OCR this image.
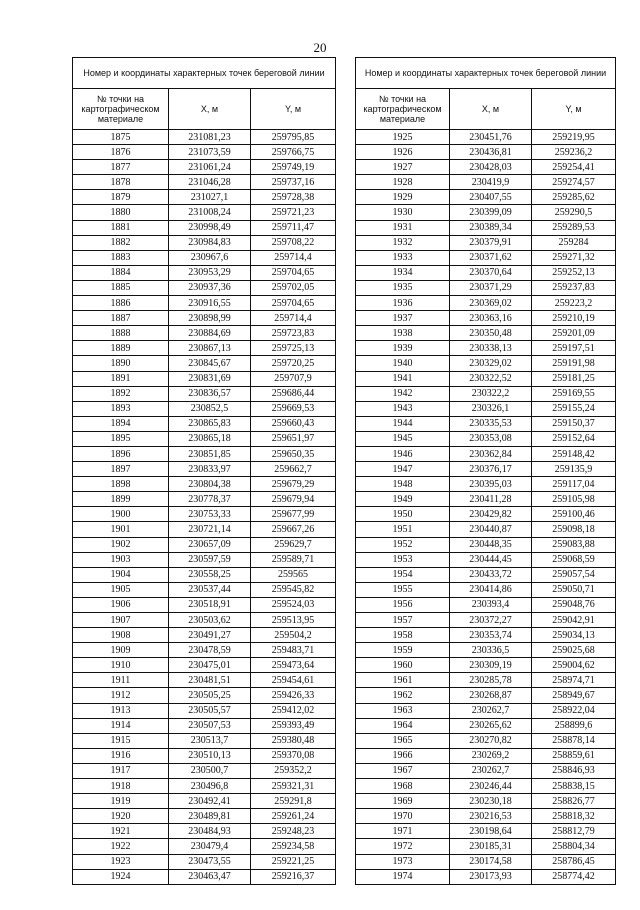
20
Номер и координаты характерных точек береговой линии		
№ точки на картографическом материале	X, м	Y, м
1875	231081,23	259795,85
1876	231073,59	259766,75
1877	231061,24	259749,19
1878	231046,28	259737,16
1879	231027,1	259728,38
1880	231008,24	259721,23
1881	230998,49	259711,47
1882	230984,83	259708,22
1883	230967,6	259714,4
1884	230953,29	259704,65
1885	230937,36	259702,05
1886	230916,55	259704,65
1887	230898,99	259714,4
1888	230884,69	259723,83
1889	230867,13	259725,13
1890	230845,67	259720,25
1891	230831,69	259707,9
1892	230836,57	259686,44
1893	230852,5	259669,53
1894	230865,83	259660,43
1895	230865,18	259651,97
1896	230851,85	259650,35
1897	230833,97	259662,7
1898	230804,38	259679,29
1899	230778,37	259679,94
1900	230753,33	259677,99
1901	230721,14	259667,26
1902	230657,09	259629,7
1903	230597,59	259589,71
1904	230558,25	259565
1905	230537,44	259545,82
1906	230518,91	259524,03
1907	230503,62	259513,95
1908	230491,27	259504,2
1909	230478,59	259483,71
1910	230475,01	259473,64
1911	230481,51	259454,61
1912	230505,25	259426,33
1913	230505,57	259412,02
1914	230507,53	259393,49
1915	230513,7	259380,48
1916	230510,13	259370,08
1917	230500,7	259352,2
1918	230496,8	259321,31
1919	230492,41	259291,8
1920	230489,81	259261,24
1921	230484,93	259248,23
1922	230479,4	259234,58
1923	230473,55	259221,25
1924	230463,47	259216,37
Номер и координаты характерных точек береговой линии		
№ точки на картографическом материале	X, м	Y, м
1925	230451,76	259219,95
1926	230436,81	259236,2
1927	230428,03	259254,41
1928	230419,9	259274,57
1929	230407,55	259285,62
1930	230399,09	259290,5
1931	230389,34	259289,53
1932	230379,91	259284
1933	230371,62	259271,32
1934	230370,64	259252,13
1935	230371,29	259237,83
1936	230369,02	259223,2
1937	230363,16	259210,19
1938	230350,48	259201,09
1939	230338,13	259197,51
1940	230329,02	259191,98
1941	230322,52	259181,25
1942	230322,2	259169,55
1943	230326,1	259155,24
1944	230335,53	259150,37
1945	230353,08	259152,64
1946	230362,84	259148,42
1947	230376,17	259135,9
1948	230395,03	259117,04
1949	230411,28	259105,98
1950	230429,82	259100,46
1951	230440,87	259098,18
1952	230448,35	259083,88
1953	230444,45	259068,59
1954	230433,72	259057,54
1955	230414,86	259050,71
1956	230393,4	259048,76
1957	230372,27	259042,91
1958	230353,74	259034,13
1959	230336,5	259025,68
1960	230309,19	259004,62
1961	230285,78	258974,71
1962	230268,87	258949,67
1963	230262,7	258922,04
1964	230265,62	258899,6
1965	230270,82	258878,14
1966	230269,2	258859,61
1967	230262,7	258846,93
1968	230246,44	258838,15
1969	230230,18	258826,77
1970	230216,53	258818,32
1971	230198,64	258812,79
1972	230185,31	258804,34
1973	230174,58	258786,45
1974	230173,93	258774,42
